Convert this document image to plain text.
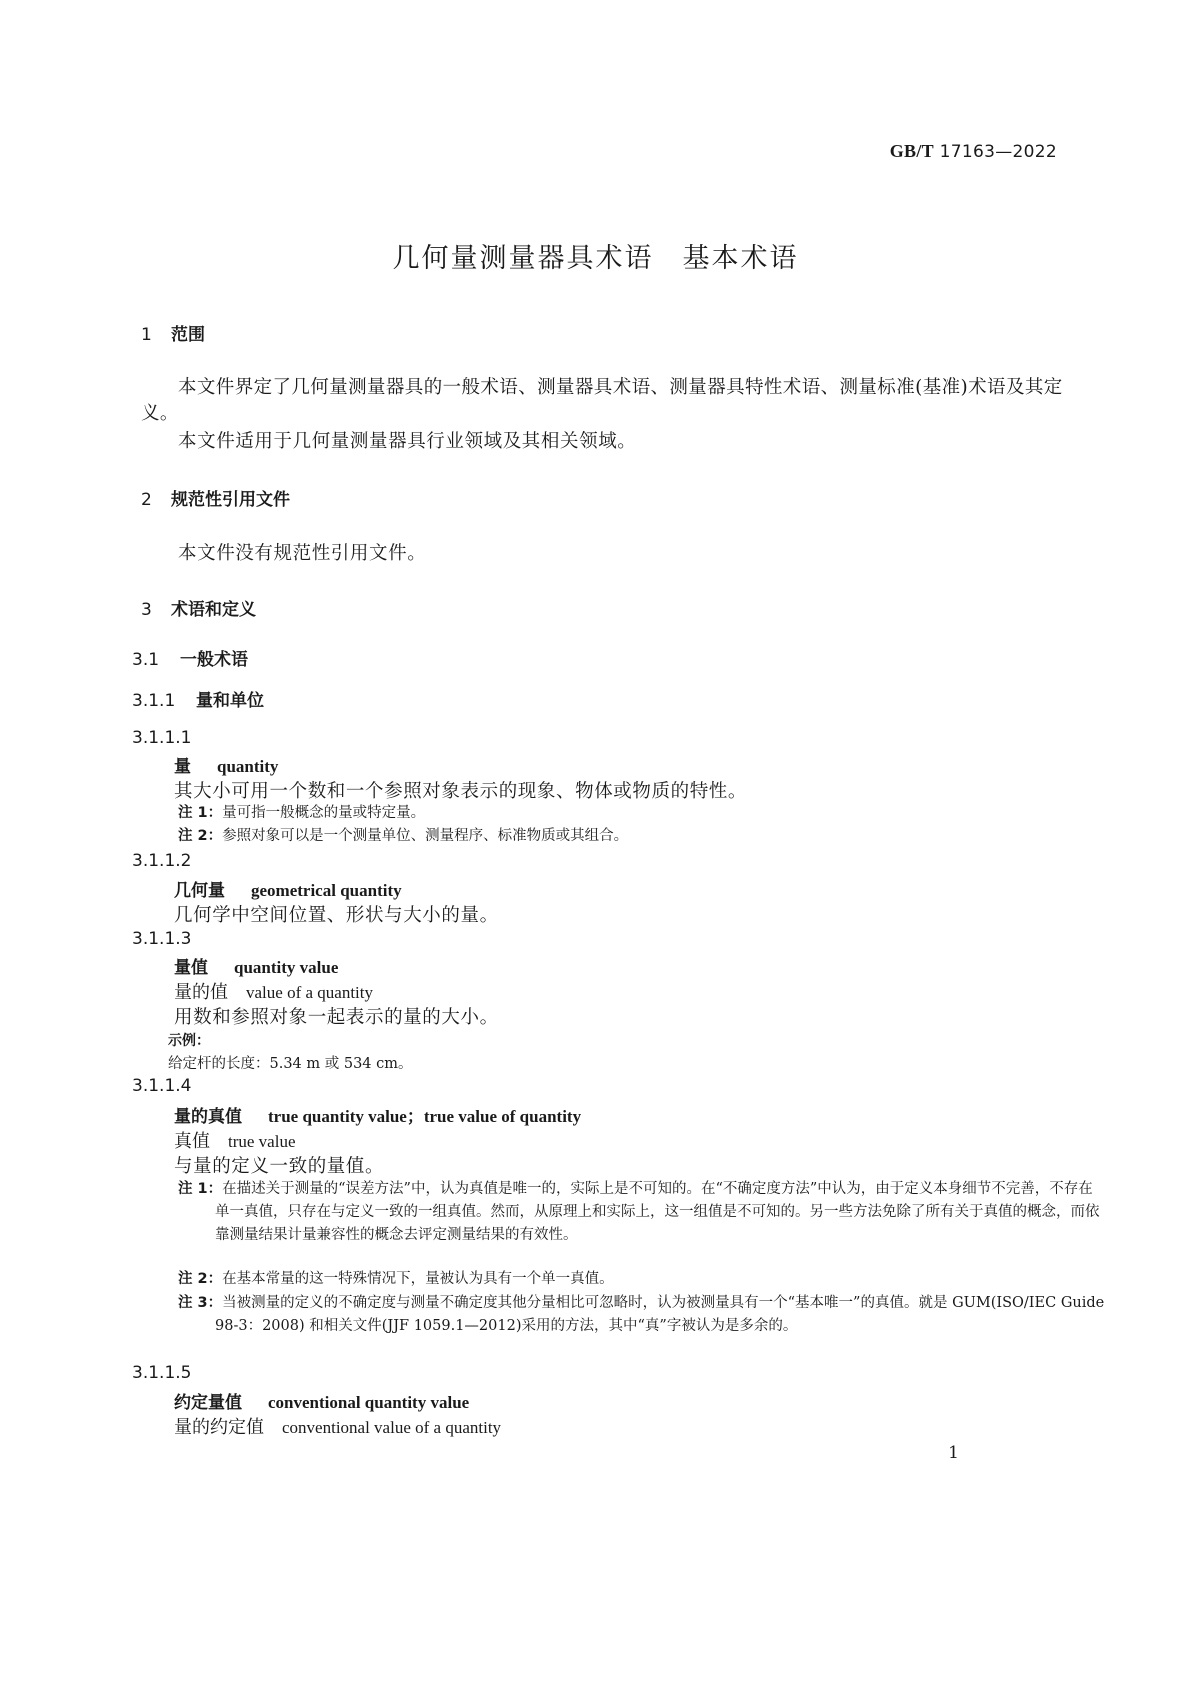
GB/T 17163—2022
几何量测量器具术语　基本术语
1 范围
本文件界定了几何量测量器具的一般术语、测量器具术语、测量器具特性术语、测量标准(基准)术语及其定义。
本文件适用于几何量测量器具行业领域及其相关领域。
2 规范性引用文件
本文件没有规范性引用文件。
3 术语和定义
3.1 一般术语
3.1.1 量和单位
3.1.1.1
量 quantity
其大小可用一个数和一个参照对象表示的现象、物体或物质的特性。
注 1：量可指一般概念的量或特定量。
注 2：参照对象可以是一个测量单位、测量程序、标准物质或其组合。
3.1.1.2
几何量 geometrical quantity
几何学中空间位置、形状与大小的量。
3.1.1.3
量值 quantity value
量的值 value of a quantity
用数和参照对象一起表示的量的大小。
示例：
给定杆的长度：5.34 m 或 534 cm。
3.1.1.4
量的真值 true quantity value；true value of quantity
真值 true value
与量的定义一致的量值。
注 1：在描述关于测量的“误差方法”中，认为真值是唯一的，实际上是不可知的。在“不确定度方法”中认为，由于定义本身细节不完善，不存在单一真值，只存在与定义一致的一组真值。然而，从原理上和实际上，这一组值是不可知的。另一些方法免除了所有关于真值的概念，而依靠测量结果计量兼容性的概念去评定测量结果的有效性。
注 2：在基本常量的这一特殊情况下，量被认为具有一个单一真值。
注 3：当被测量的定义的不确定度与测量不确定度其他分量相比可忽略时，认为被测量具有一个“基本唯一”的真值。就是 GUM(ISO/IEC Guide 98-3：2008) 和相关文件(JJF 1059.1—2012)采用的方法，其中“真”字被认为是多余的。
3.1.1.5
约定量值 conventional quantity value
量的约定值 conventional value of a quantity
1
